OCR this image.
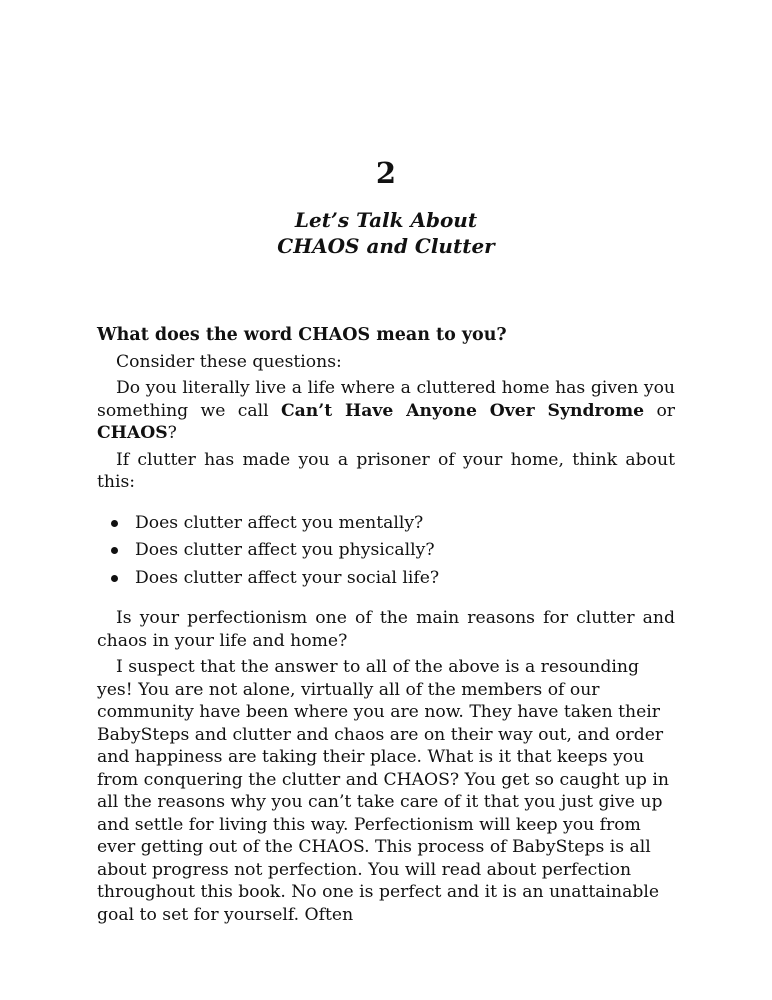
2
Let’s Talk About
CHAOS and Clutter
What does the word CHAOS mean to you?

Consider these questions:

Do you literally live a life where a cluttered home has given you something we call Can’t Have Anyone Over Syndrome or CHAOS?

If clutter has made you a prisoner of your home, think about this:

Does clutter affect you mentally?
Does clutter affect you physically?
Does clutter affect your social life?

Is your perfectionism one of the main reasons for clutter and chaos in your life and home?

I suspect that the answer to all of the above is a resounding yes! You are not alone, virtually all of the members of our community have been where you are now. They have taken their BabySteps and clutter and chaos are on their way out, and order and happiness are taking their place. What is it that keeps you from conquering the clutter and CHAOS? You get so caught up in all the reasons why you can’t take care of it that you just give up and settle for living this way. Perfectionism will keep you from ever getting out of the CHAOS. This process of BabySteps is all about progress not perfection. You will read about perfection throughout this book. No one is perfect and it is an unattainable goal to set for yourself. Often
